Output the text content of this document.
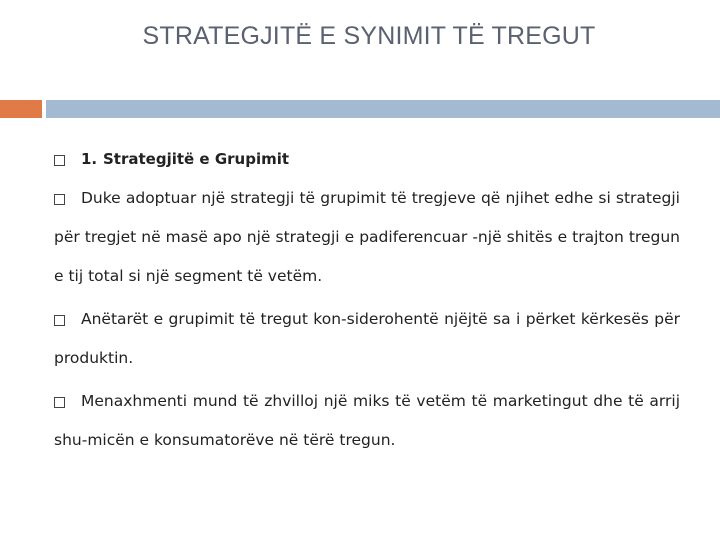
STRATEGJITË E SYNIMIT TË TREGUT

1. Strategjitë e Grupimit

Duke adoptuar një strategji të grupimit të tregjeve që njihet edhe si strategji për tregjet në masë apo një strategji e padiferencuar -një shitës e trajton tregun e tij total si një segment të vetëm.

Anëtarët e grupimit të tregut kon-siderohentë njëjtë sa i përket kërkesës për produktin.

Menaxhmenti mund të zhvilloj një miks të vetëm të marketingut dhe të arrij shu-micën e konsumatorëve në tërë tregun.
